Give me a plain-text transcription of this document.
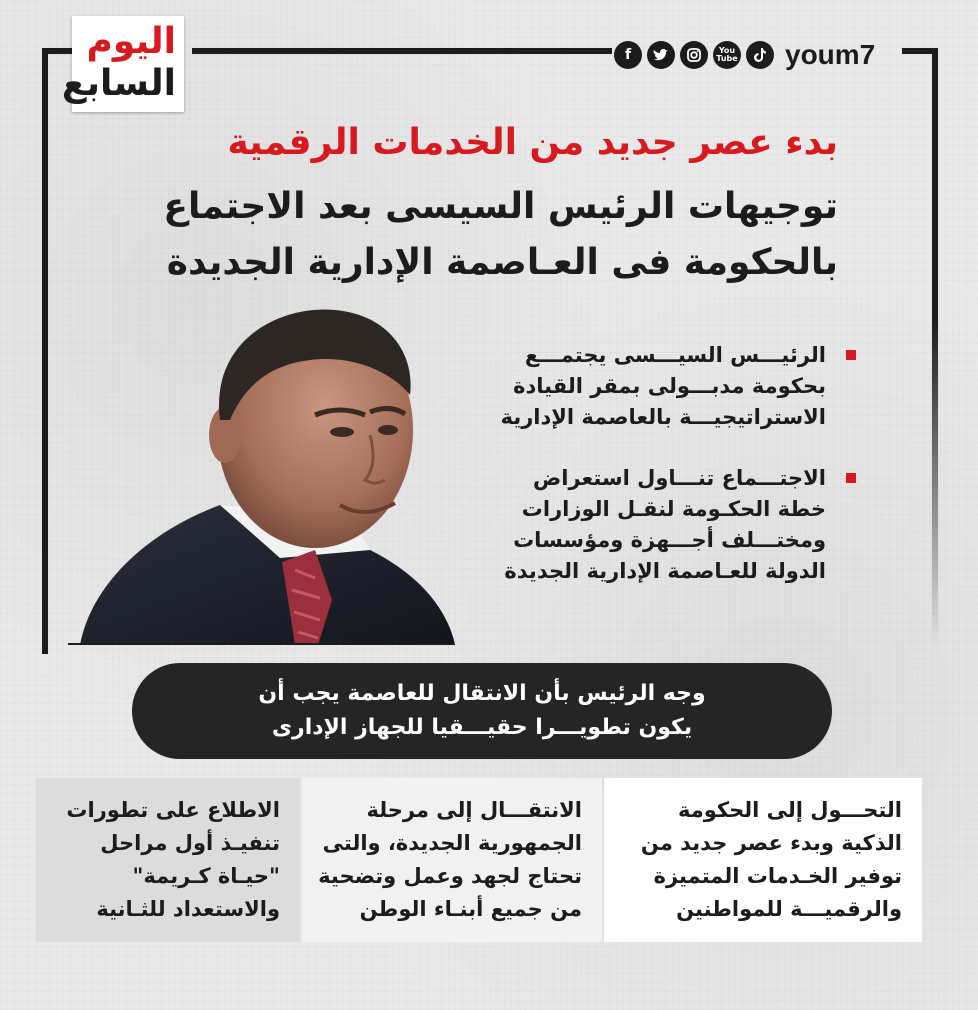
اليوم
السابع
f	You Tube youm7
بدء عصر جديد من الخدمات الرقمية
توجيهات الرئيس السيسى بعد الاجتماع
بالحكومة فى العـاصمة الإدارية الجديدة
الرئيـــس السيـــسى يجتمـــع
بحكومة مدبـــولى بمقر القيادة
الاستراتيجيـــة بالعاصمة الإدارية
الاجتـــماع تنـــاول استعراض
خطة الحكـومة لنقـل الوزارات
ومختـــلف أجـــهزة ومؤسسات
الدولة للعـاصمة الإدارية الجديدة
وجه الرئيس بأن الانتقال للعاصمة يجب أن
يكون تطويـــرا حقيـــقيا للجهاز الإدارى
التحـــول إلى الحكومة
الذكية وبدء عصر جديد من
توفير الخـدمات المتميزة
والرقميـــة للمواطنين
الانتقـــال إلى مرحلة
الجمهورية الجديدة، والتى
تحتاج لجهد وعمل وتضحية
من جميع أبنـاء الوطن
الاطلاع على تطورات
تنفيـذ أول مراحل
"حيـاة كـريمة"
والاستعداد للثـانية
